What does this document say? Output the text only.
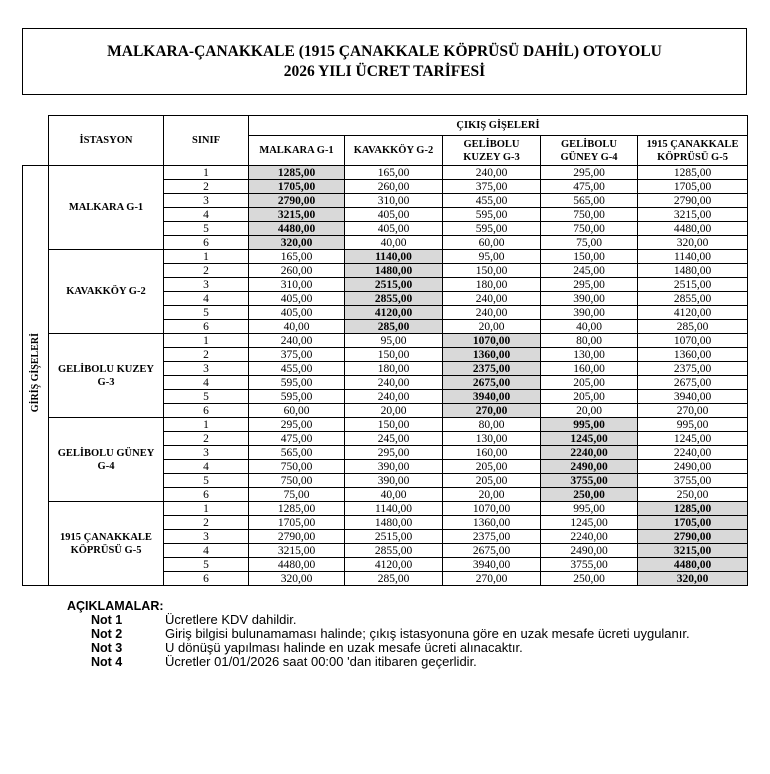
MALKARA-ÇANAKKALE (1915 ÇANAKKALE KÖPRÜSÜ DAHİL) OTOYOLU
2026 YILI ÜCRET TARİFESİ
	İSTASYON	SINIF	ÇIKIŞ GİŞELERİ				

			MALKARA G-1	KAVAKKÖY G-2	GELİBOLU
KUZEY G-3	GELİBOLU
GÜNEY G-4	1915 ÇANAKKALE
KÖPRÜSÜ G-5

GİRİŞ GİŞELERİ	MALKARA G-1	1	1285,00	165,00	240,00	295,00	1285,00
		2	1705,00	260,00	375,00	475,00	1705,00
		3	2790,00	310,00	455,00	565,00	2790,00
		4	3215,00	405,00	595,00	750,00	3215,00
		5	4480,00	405,00	595,00	750,00	4480,00
		6	320,00	40,00	60,00	75,00	320,00

	KAVAKKÖY G-2	1	165,00	1140,00	95,00	150,00	1140,00
		2	260,00	1480,00	150,00	245,00	1480,00
		3	310,00	2515,00	180,00	295,00	2515,00
		4	405,00	2855,00	240,00	390,00	2855,00
		5	405,00	4120,00	240,00	390,00	4120,00
		6	40,00	285,00	20,00	40,00	285,00

	GELİBOLU KUZEY
G-3	1	240,00	95,00	1070,00	80,00	1070,00
		2	375,00	150,00	1360,00	130,00	1360,00
		3	455,00	180,00	2375,00	160,00	2375,00
		4	595,00	240,00	2675,00	205,00	2675,00
		5	595,00	240,00	3940,00	205,00	3940,00
		6	60,00	20,00	270,00	20,00	270,00

	GELİBOLU GÜNEY
G-4	1	295,00	150,00	80,00	995,00	995,00
		2	475,00	245,00	130,00	1245,00	1245,00
		3	565,00	295,00	160,00	2240,00	2240,00
		4	750,00	390,00	205,00	2490,00	2490,00
		5	750,00	390,00	205,00	3755,00	3755,00
		6	75,00	40,00	20,00	250,00	250,00

	1915 ÇANAKKALE
KÖPRÜSÜ G-5	1	1285,00	1140,00	1070,00	995,00	1285,00
		2	1705,00	1480,00	1360,00	1245,00	1705,00
		3	2790,00	2515,00	2375,00	2240,00	2790,00
		4	3215,00	2855,00	2675,00	2490,00	3215,00
		5	4480,00	4120,00	3940,00	3755,00	4480,00
		6	320,00	285,00	270,00	250,00	320,00
AÇIKLAMALAR:
Not 1	Ücretlere KDV dahildir.
Not 2	Giriş bilgisi bulunamaması halinde; çıkış istasyonuna göre en uzak mesafe ücreti uygulanır.
Not 3	U dönüşü yapılması halinde en uzak mesafe ücreti alınacaktır.
Not 4	Ücretler 01/01/2026 saat 00:00 'dan itibaren geçerlidir.
